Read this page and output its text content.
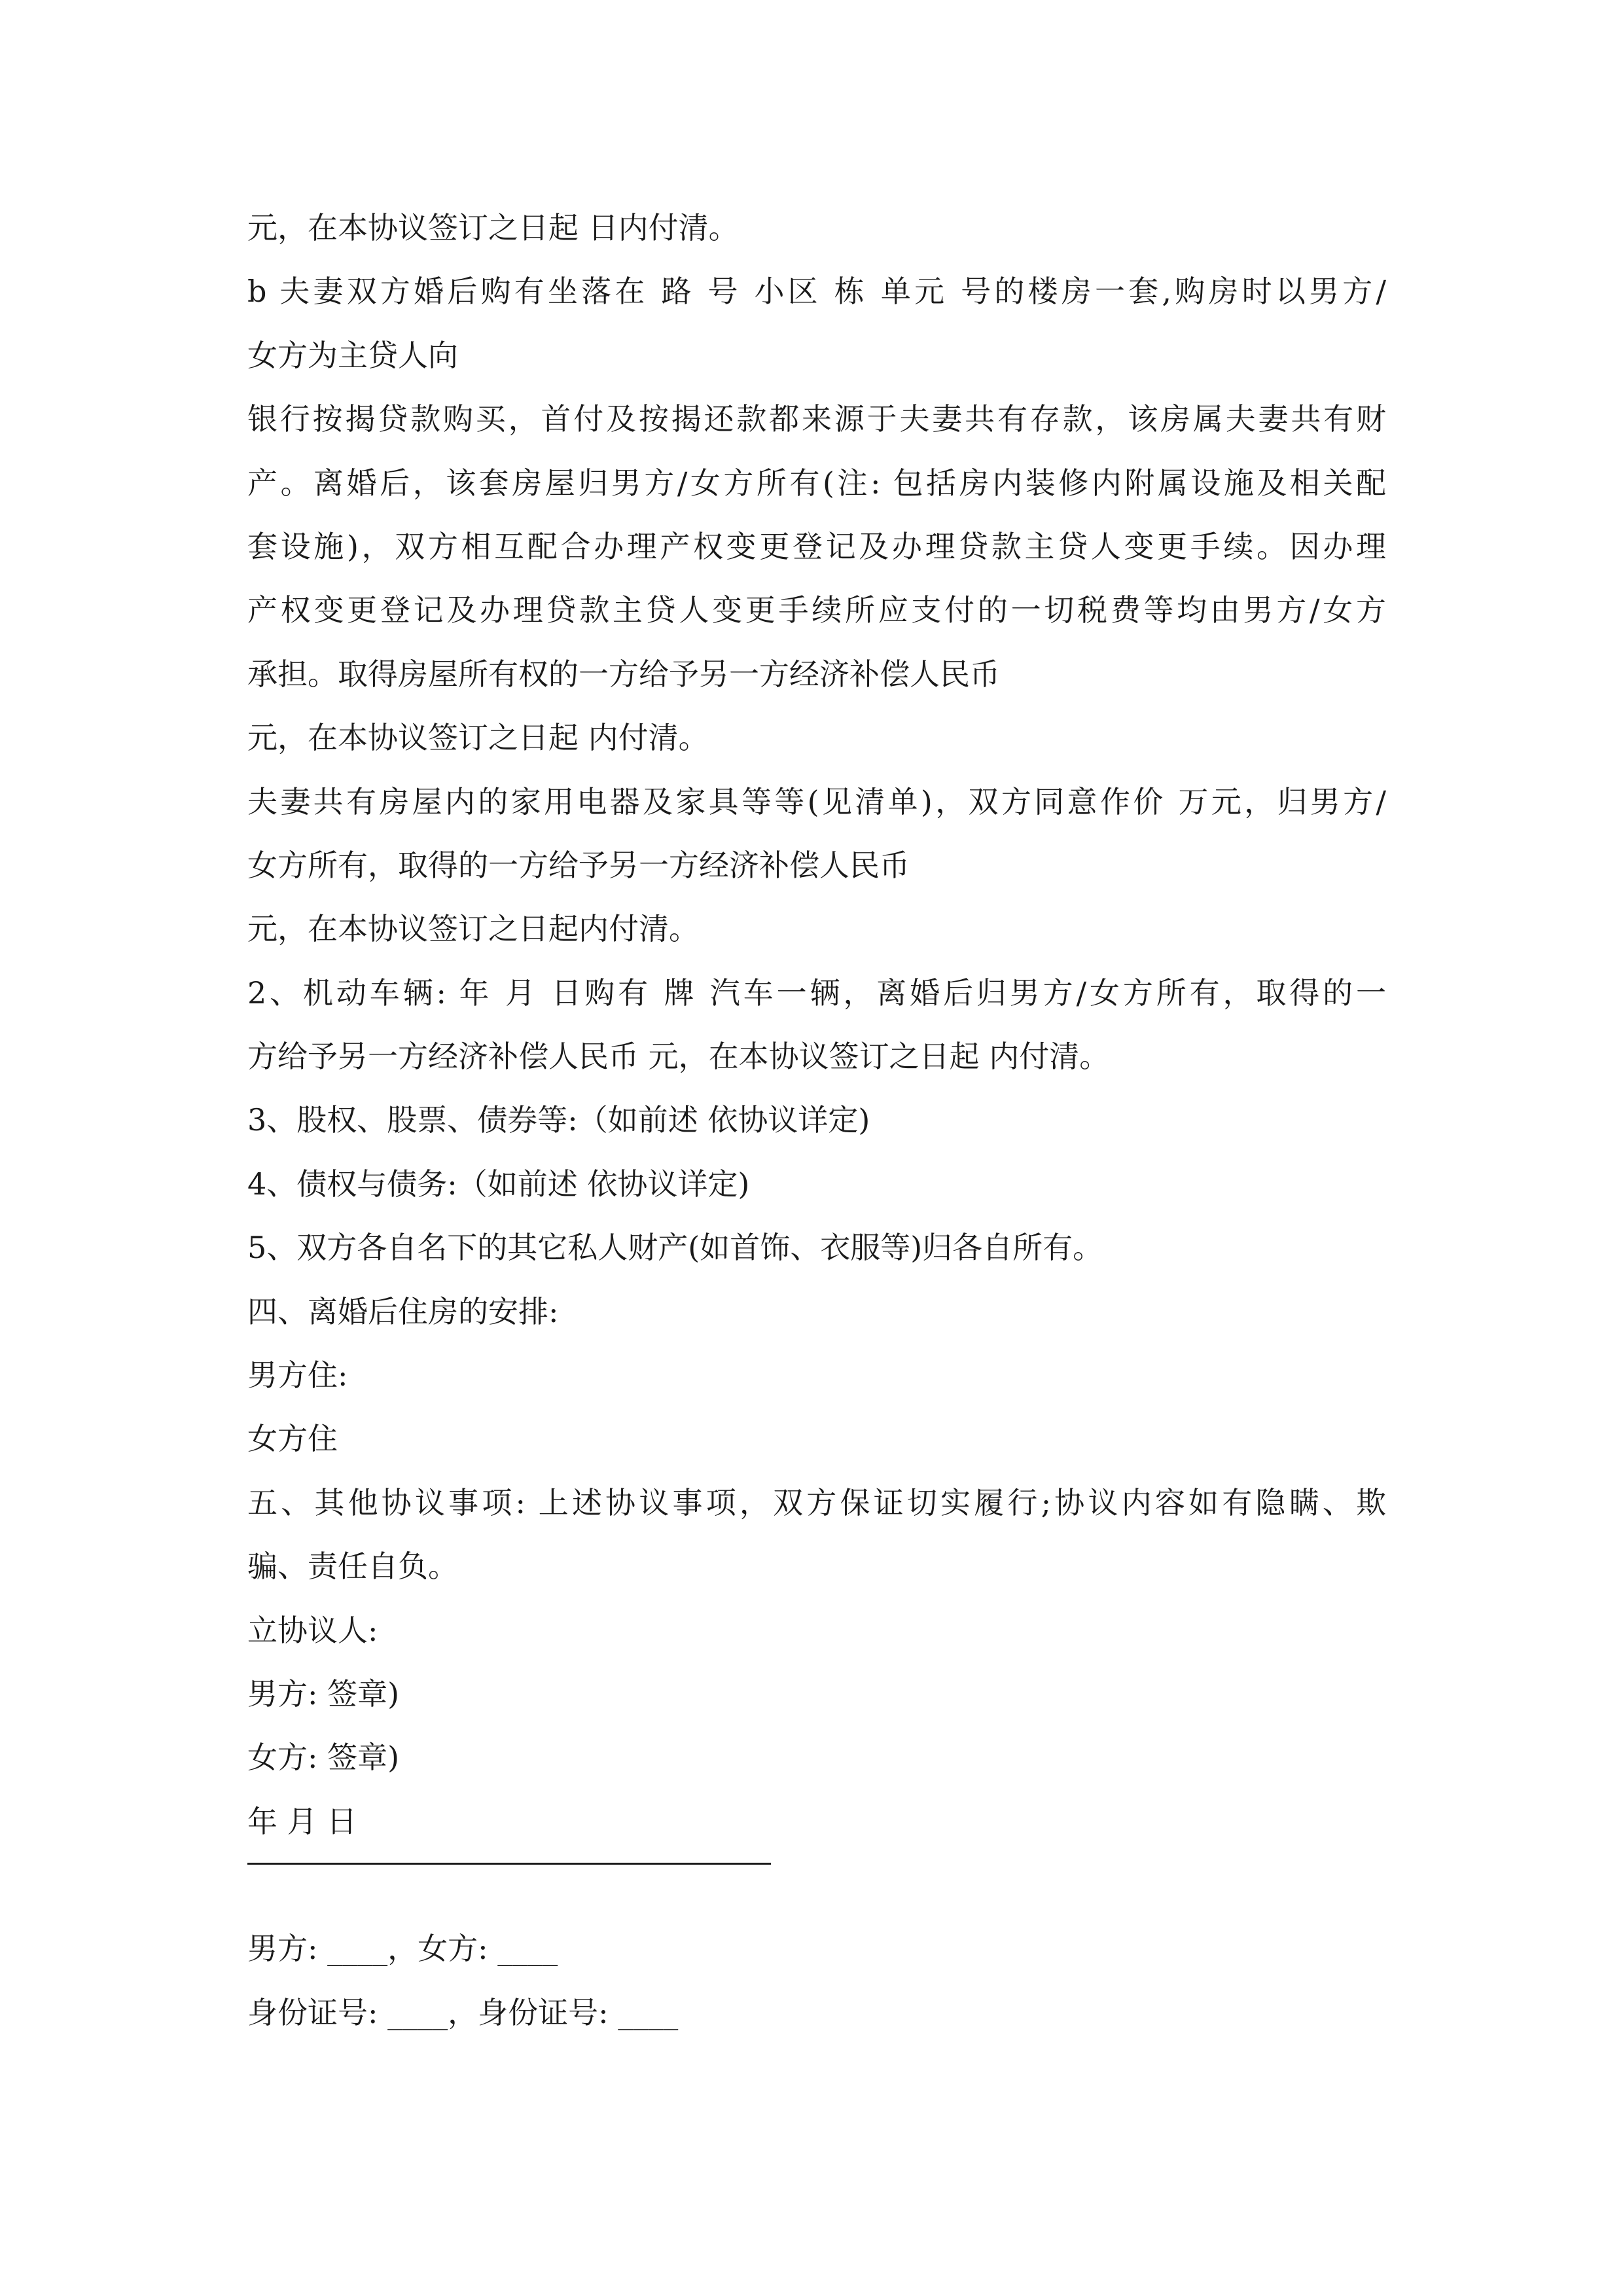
元，在本协议签订之日起 日内付清。
b 夫妻双方婚后购有坐落在 路 号 小区 栋 单元 号的楼房一套,购房时以男方/
女方为主贷人向
银行按揭贷款购买，首付及按揭还款都来源于夫妻共有存款，该房属夫妻共有财
产。离婚后，该套房屋归男方/女方所有(注: 包括房内装修内附属设施及相关配
套设施)，双方相互配合办理产权变更登记及办理贷款主贷人变更手续。因办理
产权变更登记及办理贷款主贷人变更手续所应支付的一切税费等均由男方/女方
承担。取得房屋所有权的一方给予另一方经济补偿人民币
元，在本协议签订之日起 内付清。
夫妻共有房屋内的家用电器及家具等等(见清单)，双方同意作价 万元，归男方/
女方所有，取得的一方给予另一方经济补偿人民币
元，在本协议签订之日起内付清。
2、机动车辆: 年 月 日购有 牌 汽车一辆，离婚后归男方/女方所有，取得的一
方给予另一方经济补偿人民币 元，在本协议签订之日起 内付清。
3、股权、股票、债券等:（如前述 依协议详定)
4、债权与债务:（如前述 依协议详定)
5、双方各自名下的其它私人财产(如首饰、衣服等)归各自所有。
四、离婚后住房的安排:
男方住:
女方住
五、其他协议事项: 上述协议事项，双方保证切实履行;协议内容如有隐瞒、欺
骗、责任自负。
立协议人:
男方: 签章)
女方: 签章)
年 月 日
男方: ____，女方: ____
身份证号: ____，身份证号: ____
